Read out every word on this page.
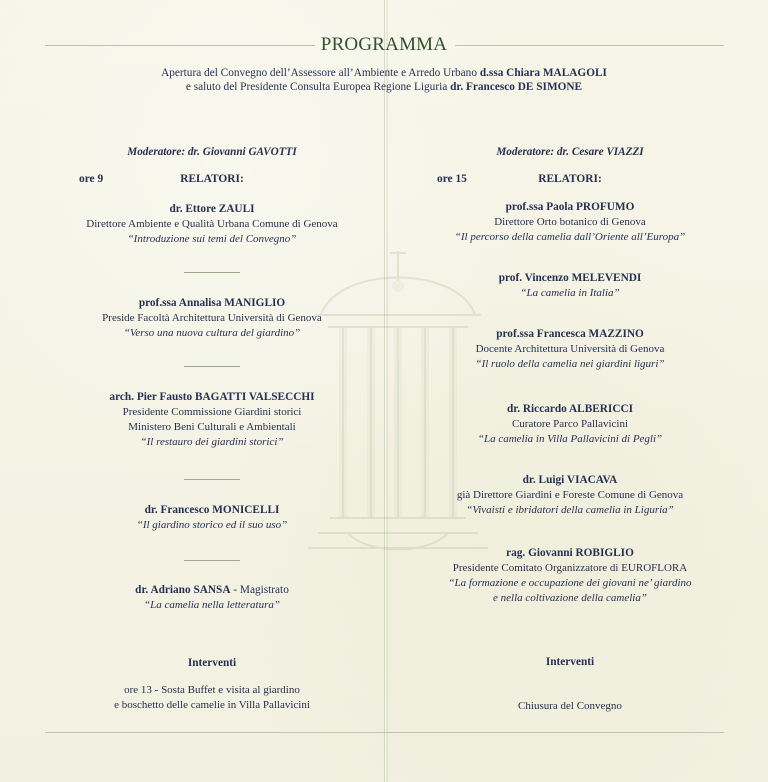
PROGRAMMA
Apertura del Convegno dell’Assessore all’Ambiente e Arredo Urbano d.ssa Chiara MALAGOLI
e saluto del Presidente Consulta Europea Regione Liguria dr. Francesco DE SIMONE
Moderatore: dr. Giovanni GAVOTTI
ore 9	RELATORI:
dr. Ettore ZAULI
Direttore Ambiente e Qualità Urbana Comune di Genova
“Introduzione sui temi del Convegno”
prof.ssa Annalisa MANIGLIO
Preside Facoltà Architettura Università di Genova
“Verso una nuova cultura del giardino”
arch. Pier Fausto BAGATTI VALSECCHI
Presidente Commissione Giardini storici
Ministero Beni Culturali e Ambientali
“Il restauro dei giardini storici”
dr. Francesco MONICELLI
“Il giardino storico ed il suo uso”
dr. Adriano SANSA - Magistrato
“La camelia nella letteratura”
Interventi
ore 13 - Sosta Buffet e visita al giardino
e boschetto delle camelie in Villa Pallavicini
Moderatore: dr. Cesare VIAZZI
ore 15	RELATORI:
prof.ssa Paola PROFUMO
Direttore Orto botanico di Genova
“Il percorso della camelia dall’Oriente all’Europa”
prof. Vincenzo MELEVENDI
“La camelia in Italia”
prof.ssa Francesca MAZZINO
Docente Architettura Università di Genova
“Il ruolo della camelia nei giardini liguri”
dr. Riccardo ALBERICCI
Curatore Parco Pallavicini
“La camelia in Villa Pallavicini di Pegli”
dr. Luigi VIACAVA
già Direttore Giardini e Foreste Comune di Genova
“Vivaisti e ibridatori della camelia in Liguria”
rag. Giovanni ROBIGLIO
Presidente Comitato Organizzatore di EUROFLORA
“La formazione e occupazione dei giovani ne’ giardino
e nella coltivazione della camelia”
Interventi
Chiusura del Convegno
